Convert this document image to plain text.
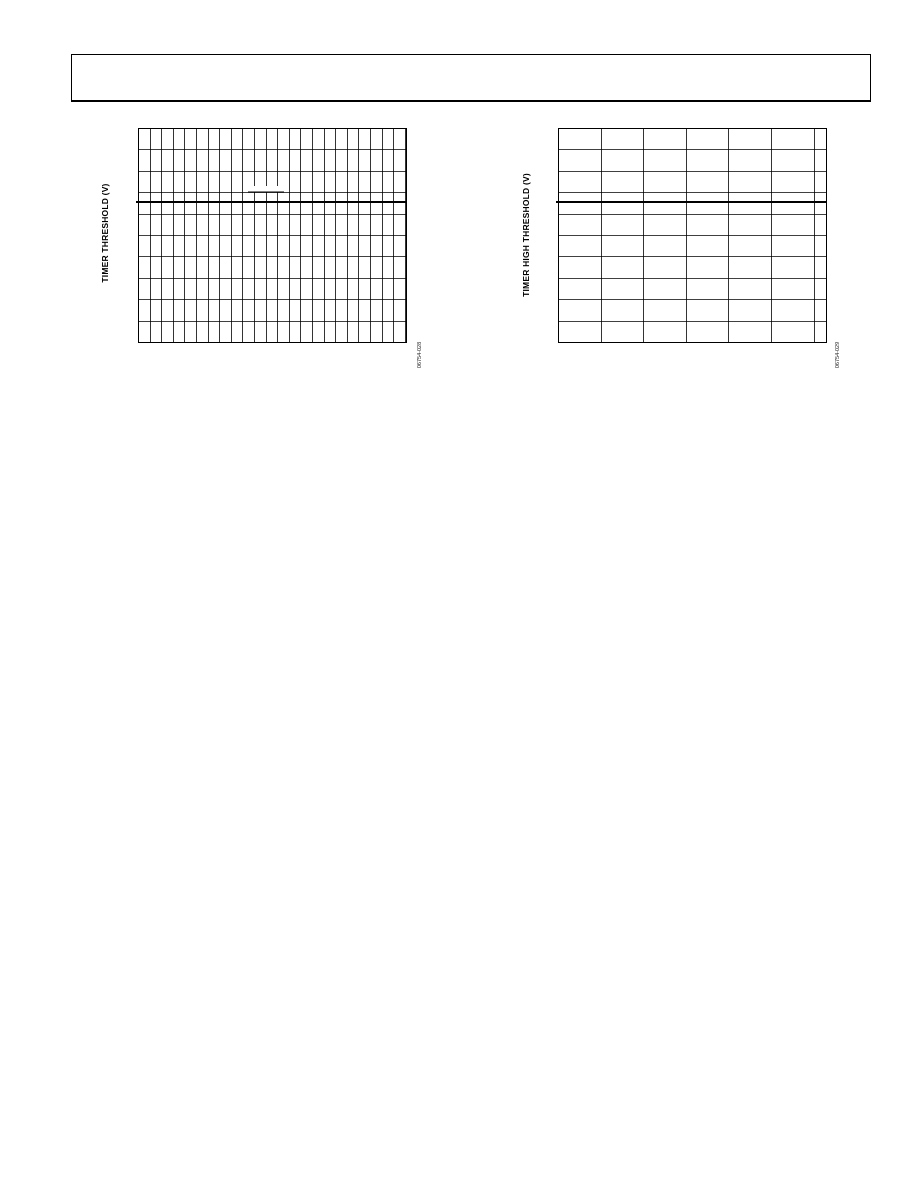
TIMER THRESHOLD (V)
06754-028
TIMER HIGH THRESHOLD (V)
06754-029
